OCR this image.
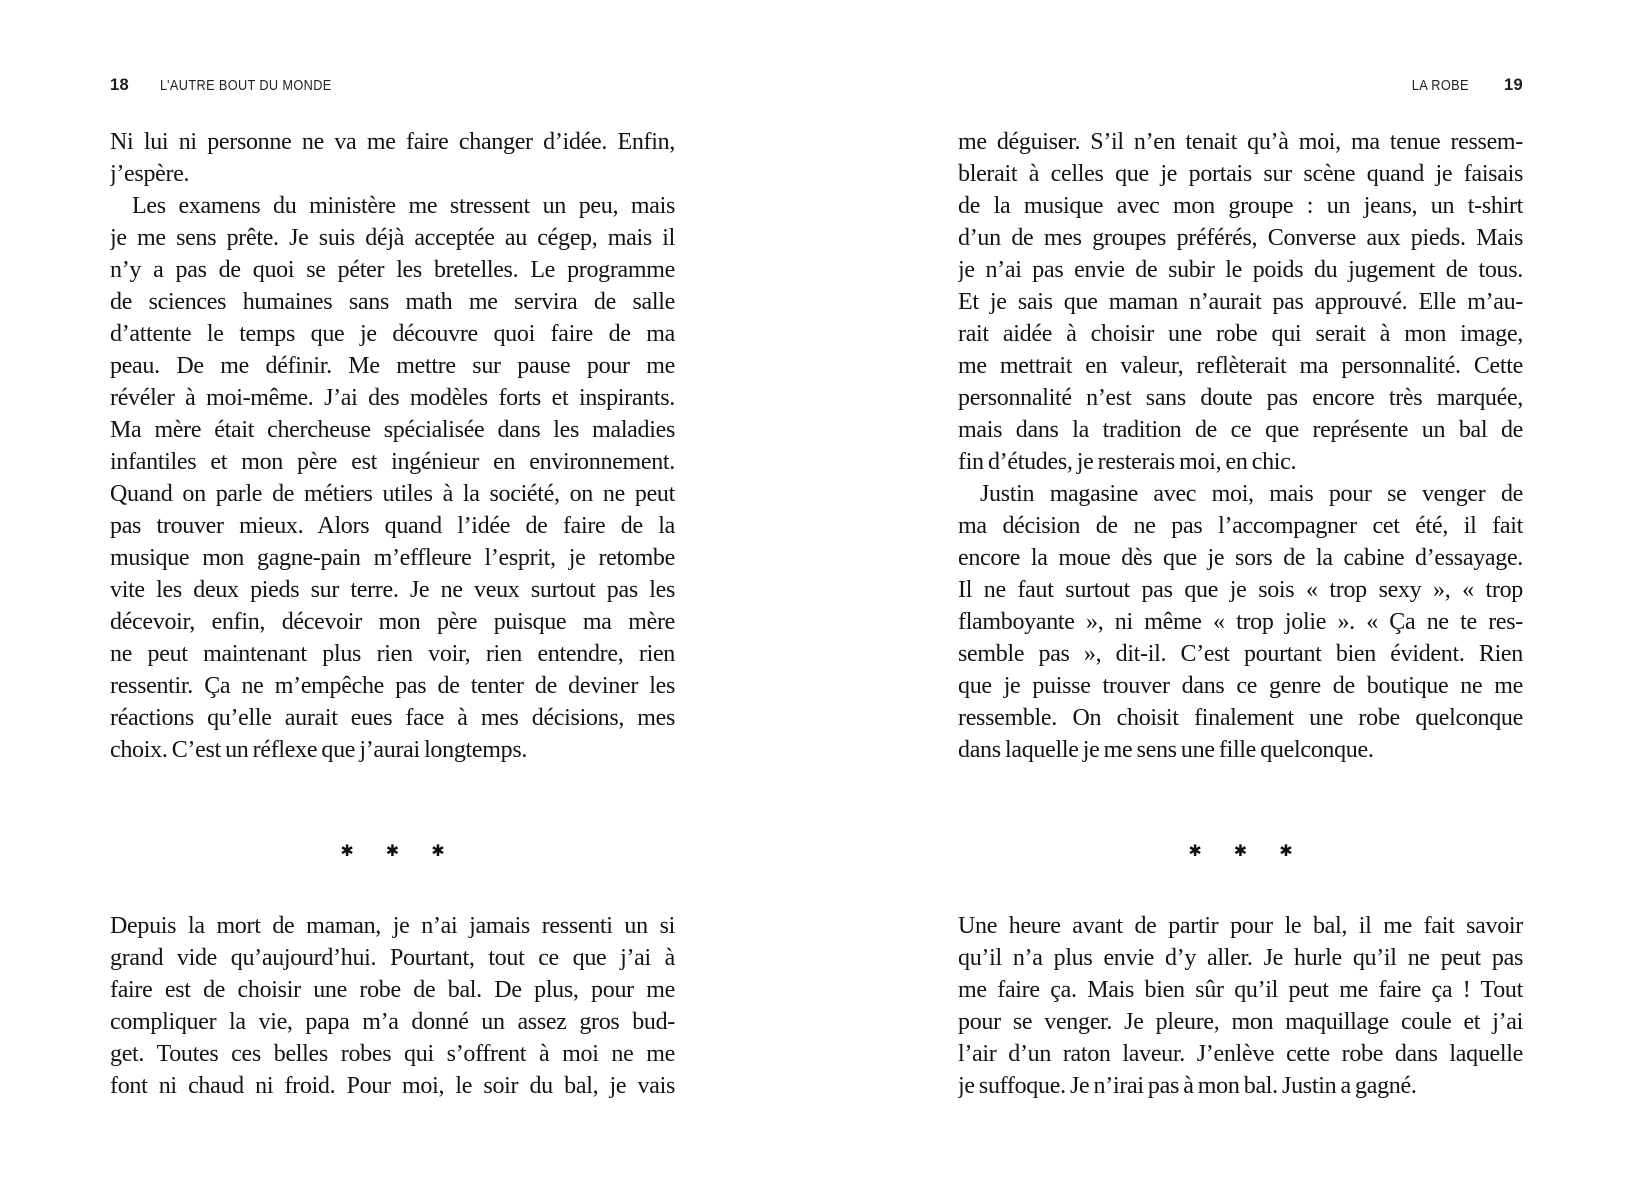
18 L’AUTRE BOUT DU MONDE
Ni lui ni personne ne va me faire changer d’idée. Enfin,
j’espère.
Les examens du ministère me stressent un peu, mais
je me sens prête. Je suis déjà acceptée au cégep, mais il
n’y a pas de quoi se péter les bretelles. Le programme
de sciences humaines sans math me servira de salle
d’attente le temps que je découvre quoi faire de ma
peau. De me définir. Me mettre sur pause pour me
révéler à moi-même. J’ai des modèles forts et inspirants.
Ma mère était chercheuse spécialisée dans les maladies
infantiles et mon père est ingénieur en environnement.
Quand on parle de métiers utiles à la société, on ne peut
pas trouver mieux. Alors quand l’idée de faire de la
musique mon gagne-pain m’effleure l’esprit, je retombe
vite les deux pieds sur terre. Je ne veux surtout pas les
décevoir, enfin, décevoir mon père puisque ma mère
ne peut maintenant plus rien voir, rien entendre, rien
ressentir. Ça ne m’empêche pas de tenter de deviner les
réactions qu’elle aurait eues face à mes décisions, mes
choix. C’est un réflexe que j’aurai longtemps.
✱ ✱ ✱
Depuis la mort de maman, je n’ai jamais ressenti un si
grand vide qu’aujourd’hui. Pourtant, tout ce que j’ai à
faire est de choisir une robe de bal. De plus, pour me
compliquer la vie, papa m’a donné un assez gros bud-
get. Toutes ces belles robes qui s’offrent à moi ne me
font ni chaud ni froid. Pour moi, le soir du bal, je vais
LA ROBE 19
me déguiser. S’il n’en tenait qu’à moi, ma tenue ressem-
blerait à celles que je portais sur scène quand je faisais
de la musique avec mon groupe : un jeans, un t-shirt
d’un de mes groupes préférés, Converse aux pieds. Mais
je n’ai pas envie de subir le poids du jugement de tous.
Et je sais que maman n’aurait pas approuvé. Elle m’au-
rait aidée à choisir une robe qui serait à mon image,
me mettrait en valeur, reflèterait ma personnalité. Cette
personnalité n’est sans doute pas encore très marquée,
mais dans la tradition de ce que représente un bal de
fin d’études, je resterais moi, en chic.
Justin magasine avec moi, mais pour se venger de
ma décision de ne pas l’accompagner cet été, il fait
encore la moue dès que je sors de la cabine d’essayage.
Il ne faut surtout pas que je sois « trop sexy », « trop
flamboyante », ni même « trop jolie ». « Ça ne te res-
semble pas », dit-il. C’est pourtant bien évident. Rien
que je puisse trouver dans ce genre de boutique ne me
ressemble. On choisit finalement une robe quelconque
dans laquelle je me sens une fille quelconque.
✱ ✱ ✱
Une heure avant de partir pour le bal, il me fait savoir
qu’il n’a plus envie d’y aller. Je hurle qu’il ne peut pas
me faire ça. Mais bien sûr qu’il peut me faire ça ! Tout
pour se venger. Je pleure, mon maquillage coule et j’ai
l’air d’un raton laveur. J’enlève cette robe dans laquelle
je suffoque. Je n’irai pas à mon bal. Justin a gagné.
